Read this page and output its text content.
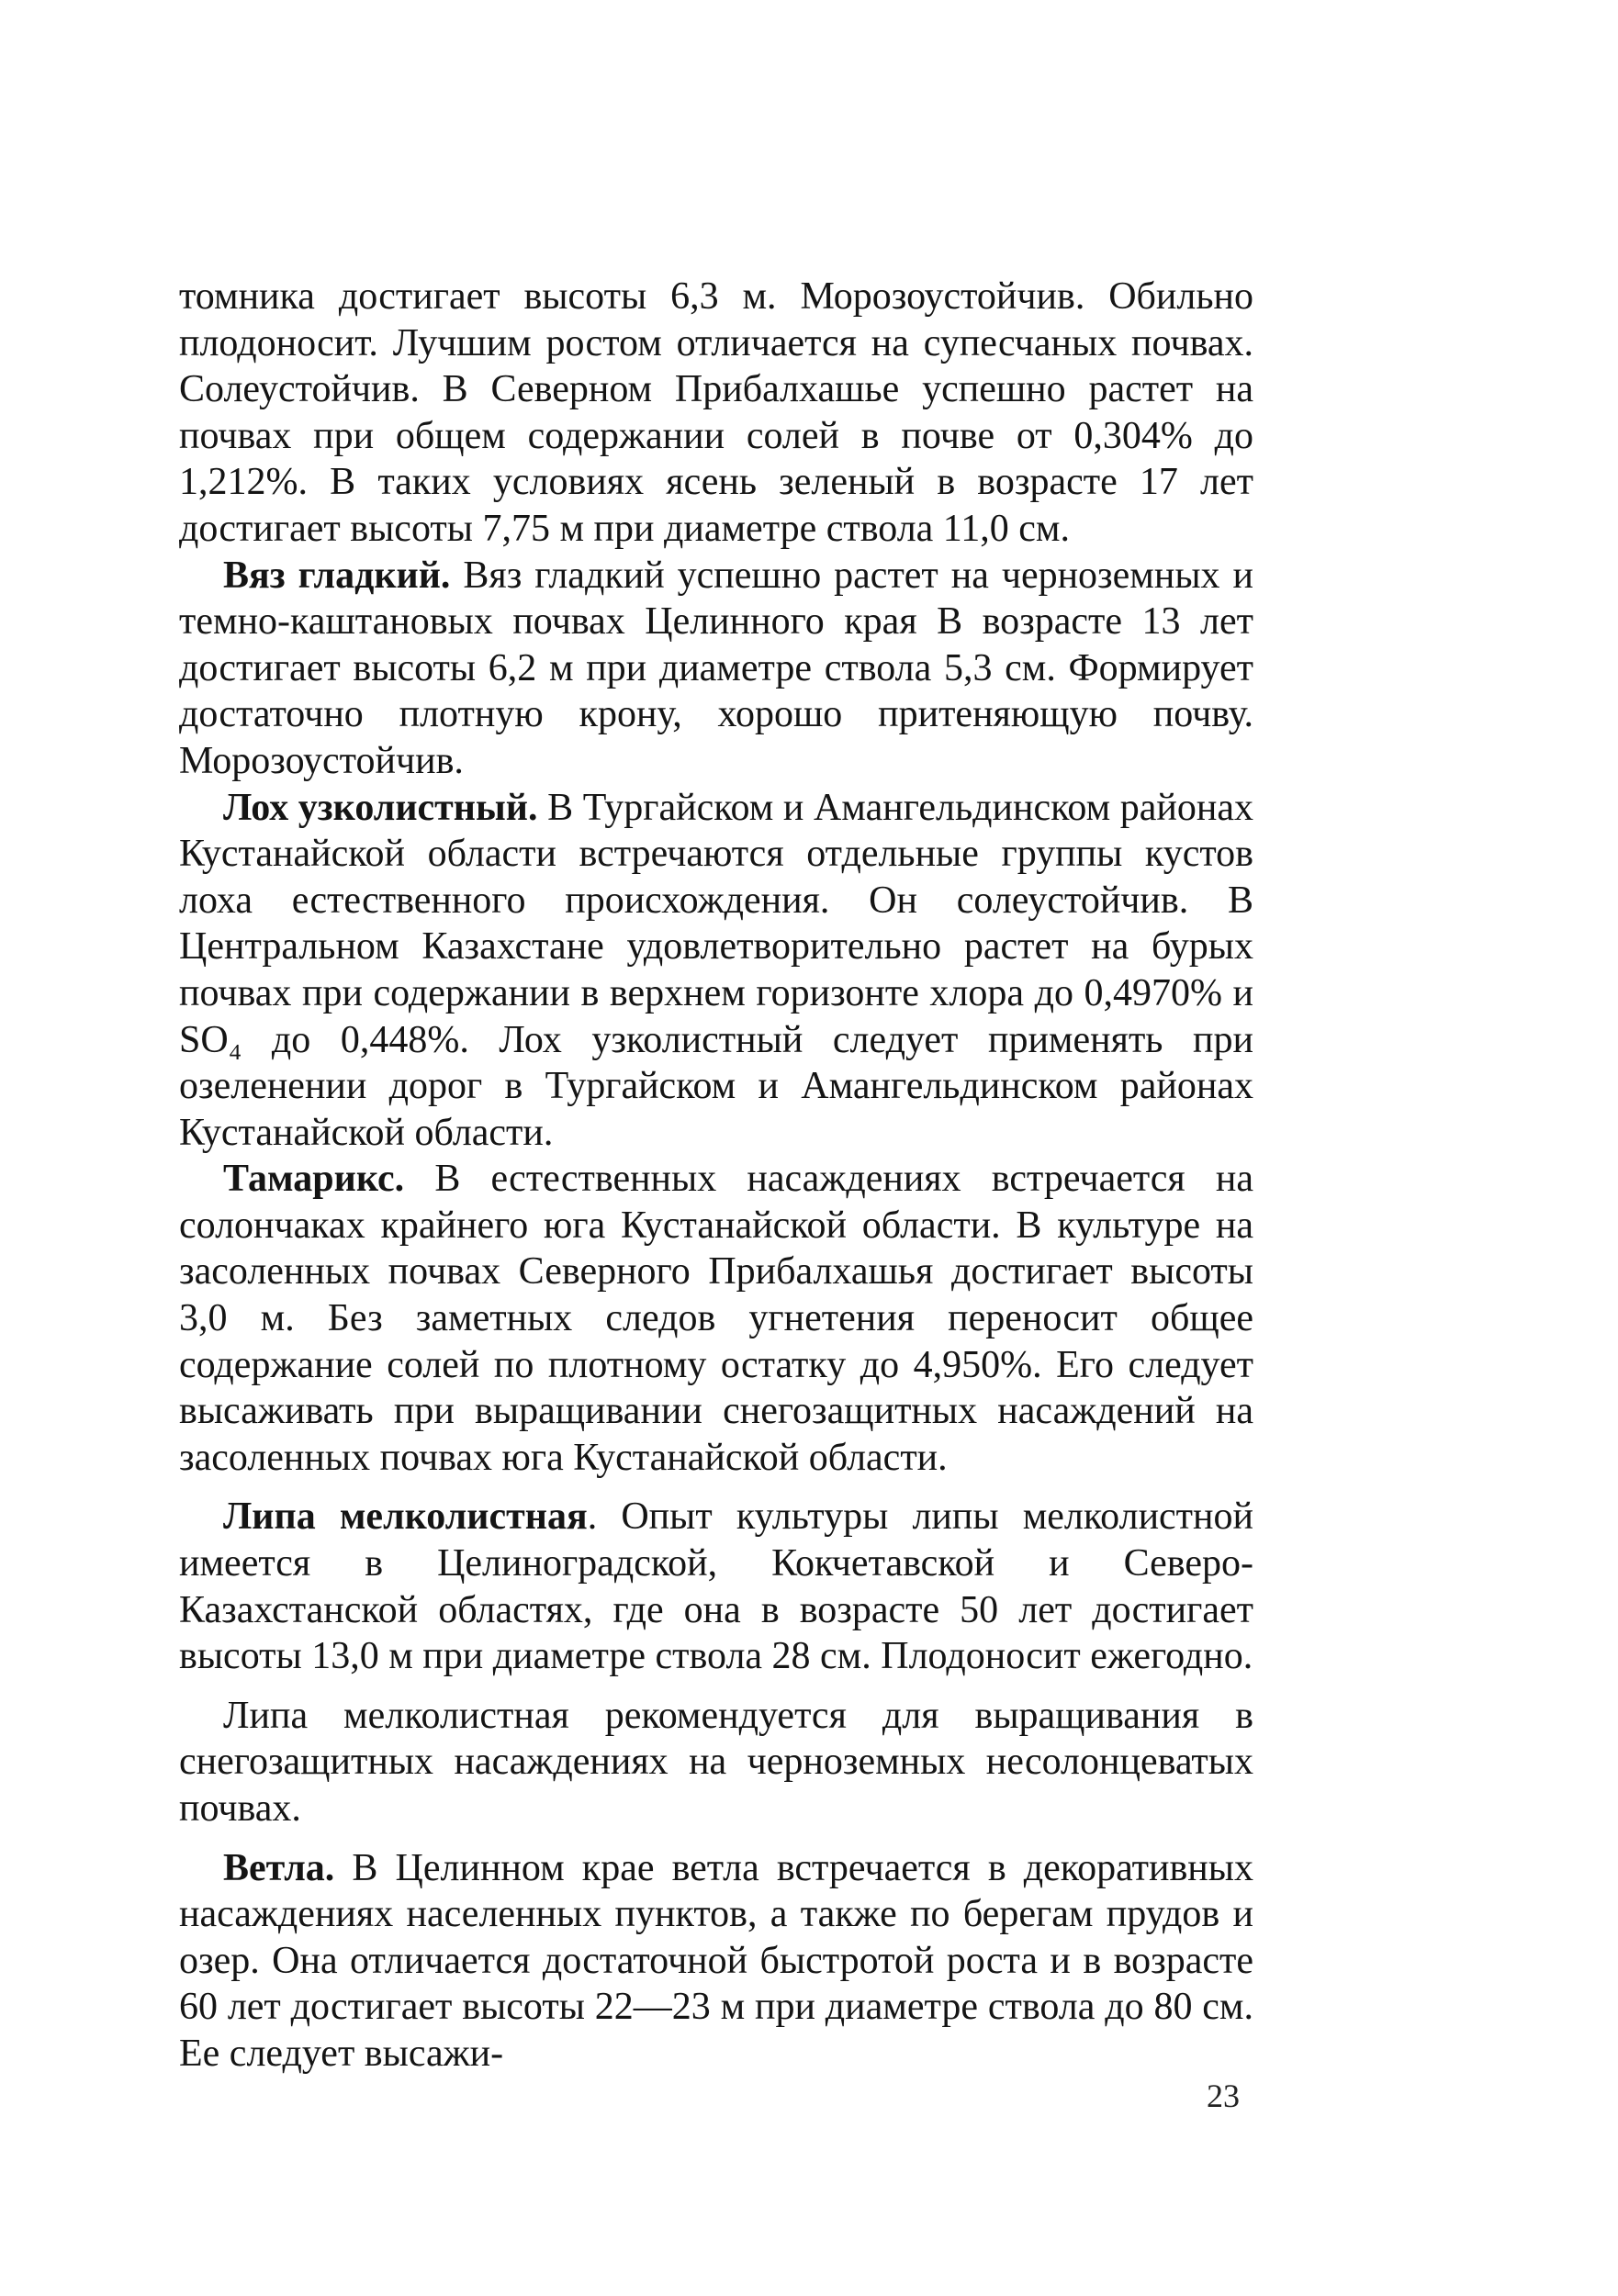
томника достигает высоты 6,3 м. Морозоустойчив. Обильно плодоносит. Лучшим ростом отличается на супесчаных почвах. Солеустойчив. В Северном Прибалхашье успешно растет на почвах при общем содержании солей в почве от 0,304% до 1,212%. В таких условиях ясень зеленый в возрасте 17 лет достигает высоты 7,75 м при диаметре ствола 11,0 см.

Вяз гладкий. Вяз гладкий успешно растет на черноземных и темно-каштановых почвах Целинного края В возрасте 13 лет достигает высоты 6,2 м при диаметре ствола 5,3 см. Формирует достаточно плотную крону, хорошо притеняющую почву. Морозоустойчив.

Лох узколистный. В Тургайском и Амангельдинском районах Кустанайской области встречаются отдельные группы кустов лоха естественного происхождения. Он солеустойчив. В Центральном Казахстане удовлетворительно растет на бурых почвах при содержании в верхнем горизонте хлора до 0,4970% и SO₄ до 0,448%. Лох узколистный следует применять при озеленении дорог в Тургайском и Амангельдинском районах Кустанайской области.

Тамарикс. В естественных насаждениях встречается на солончаках крайнего юга Кустанайской области. В культуре на засоленных почвах Северного Прибалхашья достигает высоты 3,0 м. Без заметных следов угнетения переносит общее содержание солей по плотному остатку до 4,950%. Его следует высаживать при выращивании снегозащитных насаждений на засоленных почвах юга Кустанайской области.

Липа мелколистная. Опыт культуры липы мелколистной имеется в Целиноградской, Кокчетавской и Северо-Казахстанской областях, где она в возрасте 50 лет достигает высоты 13,0 м при диаметре ствола 28 см. Плодоносит ежегодно.

Липа мелколистная рекомендуется для выращивания в снегозащитных насаждениях на черноземных несолонцеватых почвах.

Ветла. В Целинном крае ветла встречается в декоративных насаждениях населенных пунктов, а также по берегам прудов и озер. Она отличается достаточной быстротой роста и в возрасте 60 лет достигает высоты 22—23 м при диаметре ствола до 80 см. Ее следует высажи-

23
